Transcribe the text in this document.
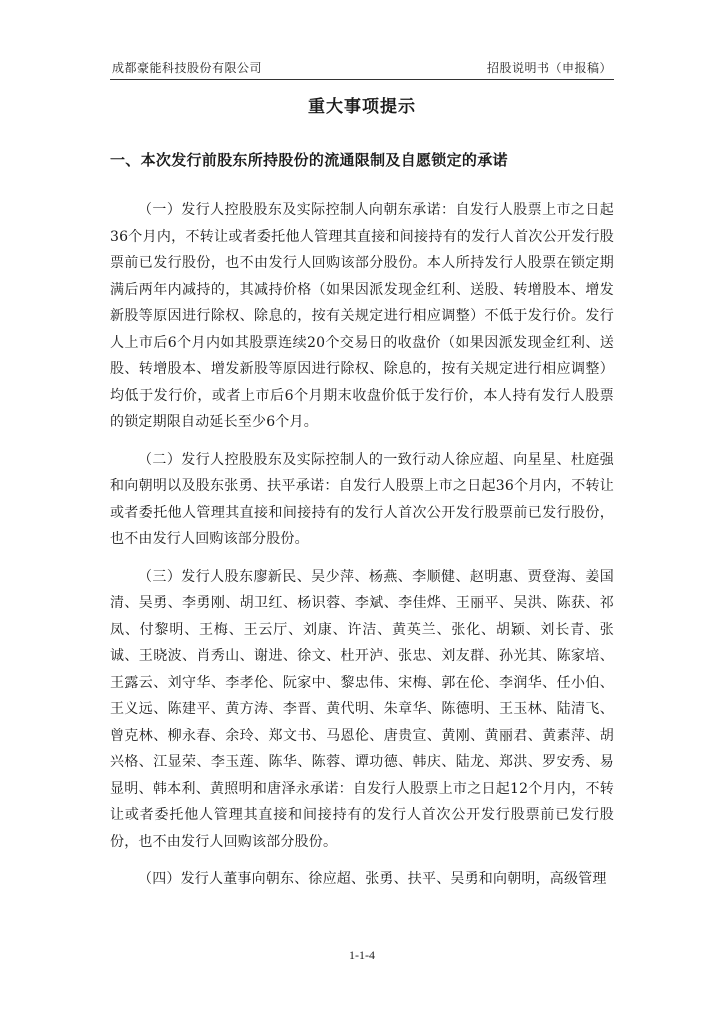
成都豪能科技股份有限公司	招股说明书（申报稿）
重大事项提示
一、本次发行前股东所持股份的流通限制及自愿锁定的承诺

（一）发行人控股股东及实际控制人向朝东承诺：自发行人股票上市之日起36个月内，不转让或者委托他人管理其直接和间接持有的发行人首次公开发行股票前已发行股份，也不由发行人回购该部分股份。本人所持发行人股票在锁定期满后两年内减持的，其减持价格（如果因派发现金红利、送股、转增股本、增发新股等原因进行除权、除息的，按有关规定进行相应调整）不低于发行价。发行人上市后6个月内如其股票连续20个交易日的收盘价（如果因派发现金红利、送股、转增股本、增发新股等原因进行除权、除息的，按有关规定进行相应调整）均低于发行价，或者上市后6个月期末收盘价低于发行价，本人持有发行人股票的锁定期限自动延长至少6个月。

（二）发行人控股股东及实际控制人的一致行动人徐应超、向星星、杜庭强和向朝明以及股东张勇、扶平承诺：自发行人股票上市之日起36个月内，不转让或者委托他人管理其直接和间接持有的发行人首次公开发行股票前已发行股份，也不由发行人回购该部分股份。

（三）发行人股东廖新民、吴少萍、杨燕、李顺健、赵明惠、贾登海、姜国清、吴勇、李勇刚、胡卫红、杨识蓉、李斌、李佳烨、王丽平、吴洪、陈获、祁凤、付黎明、王梅、王云厅、刘康、许洁、黄英兰、张化、胡颖、刘长青、张诚、王晓波、肖秀山、谢进、徐文、杜开泸、张忠、刘友群、孙光其、陈家培、王露云、刘守华、李孝伦、阮家中、黎忠伟、宋梅、郭在伦、李润华、任小伯、王义远、陈建平、黄方涛、李晋、黄代明、朱章华、陈德明、王玉林、陆清飞、曾克林、柳永春、余玲、郑文书、马恩伦、唐贵宣、黄刚、黄丽君、黄素萍、胡兴格、江显荣、李玉莲、陈华、陈蓉、谭功德、韩庆、陆龙、郑洪、罗安秀、易显明、韩本利、黄照明和唐泽永承诺：自发行人股票上市之日起12个月内，不转让或者委托他人管理其直接和间接持有的发行人首次公开发行股票前已发行股份，也不由发行人回购该部分股份。

（四）发行人董事向朝东、徐应超、张勇、扶平、吴勇和向朝明，高级管理

1-1-4
